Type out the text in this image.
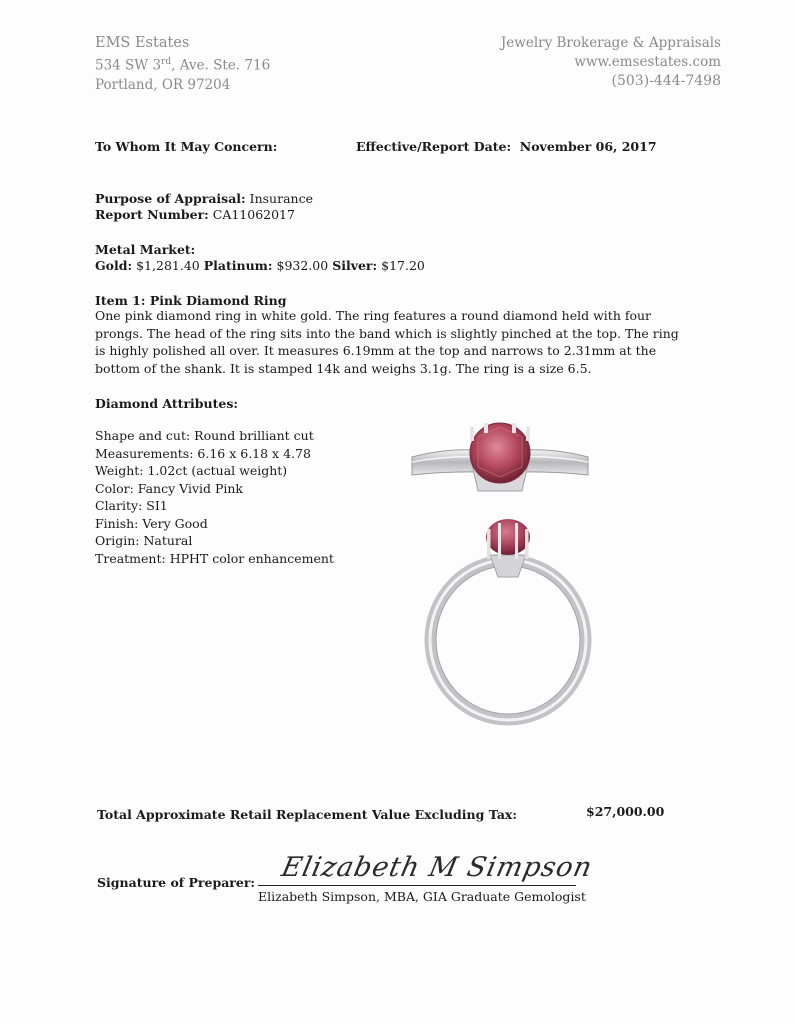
EMS Estates
534 SW 3rd, Ave. Ste. 716
Portland, OR 97204
Jewelry Brokerage & Appraisals
www.emsestates.com
(503)-444-7498
To Whom It May Concern:	Effective/Report Date: November 06, 2017
Purpose of Appraisal: Insurance
Report Number: CA11062017
Metal Market:
Gold: $1,281.40 Platinum: $932.00 Silver: $17.20
Item 1: Pink Diamond Ring
One pink diamond ring in white gold. The ring features a round diamond held with four
prongs. The head of the ring sits into the band which is slightly pinched at the top. The ring
is highly polished all over. It measures 6.19mm at the top and narrows to 2.31mm at the
bottom of the shank. It is stamped 14k and weighs 3.1g. The ring is a size 6.5.
Diamond Attributes:
Shape and cut: Round brilliant cut
Measurements: 6.16 x 6.18 x 4.78
Weight: 1.02ct (actual weight)
Color: Fancy Vivid Pink
Clarity: SI1
Finish: Very Good
Origin: Natural
Treatment: HPHT color enhancement
Total Approximate Retail Replacement Value Excluding Tax:	$27,000.00
Signature of Preparer: Elizabeth M Simpson
Elizabeth Simpson, MBA, GIA Graduate Gemologist
